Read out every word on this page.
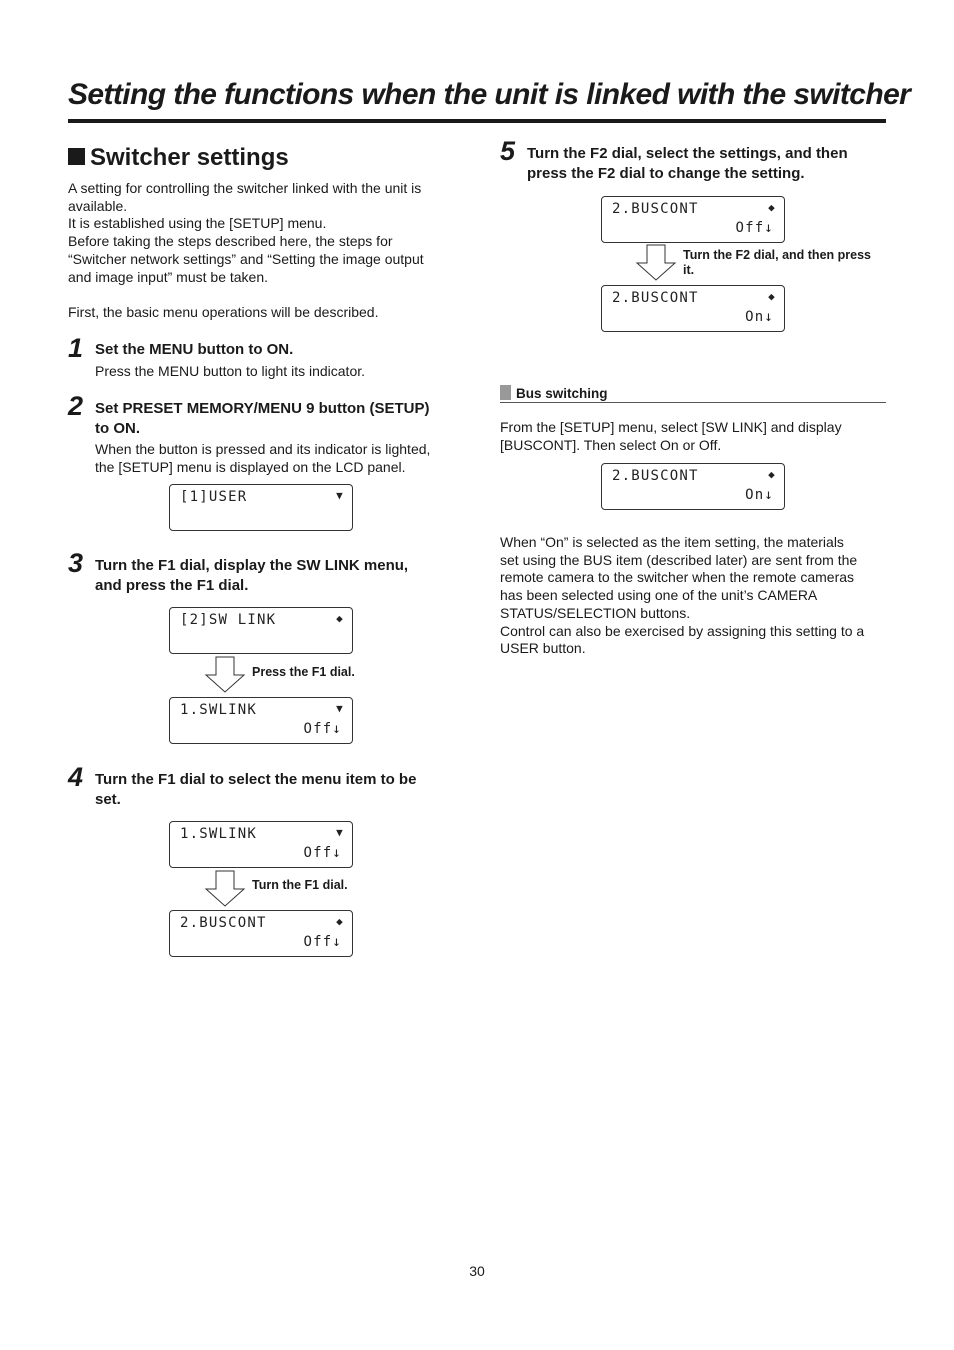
Setting the functions when the unit is linked with the switcher
Switcher settings
A setting for controlling the switcher linked with the unit is
available.
It is established using the [SETUP] menu.
Before taking the steps described here, the steps for
“Switcher network settings” and “Setting the image output
and image input” must be taken.
First, the basic menu operations will be described.
1 Set the MENU button to ON.
Press the MENU button to light its indicator.
2 Set PRESET MEMORY/MENU 9 button (SETUP)
to ON.
When the button is pressed and its indicator is lighted,
the [SETUP] menu is displayed on the LCD panel.
[1]USER	▼
3 Turn the F1 dial, display the SW LINK menu,
and press the F1 dial.
[2]SW LINK	◆
Press the F1 dial.
1.SWLINK	▼
Off↓
4 Turn the F1 dial to select the menu item to be
set.
1.SWLINK	▼
Off↓
Turn the F1 dial.
2.BUSCONT	◆
Off↓
5 Turn the F2 dial, select the settings, and then
press the F2 dial to change the setting.
2.BUSCONT	◆
Off↓
Turn the F2 dial, and then press
it.
2.BUSCONT	◆
On↓
Bus switching
From the [SETUP] menu, select [SW LINK] and display
[BUSCONT]. Then select On or Off.
2.BUSCONT	◆
On↓
When “On” is selected as the item setting, the materials
set using the BUS item (described later) are sent from the
remote camera to the switcher when the remote cameras
has been selected using one of the unit’s CAMERA
STATUS/SELECTION buttons.
Control can also be exercised by assigning this setting to a
USER button.
30
